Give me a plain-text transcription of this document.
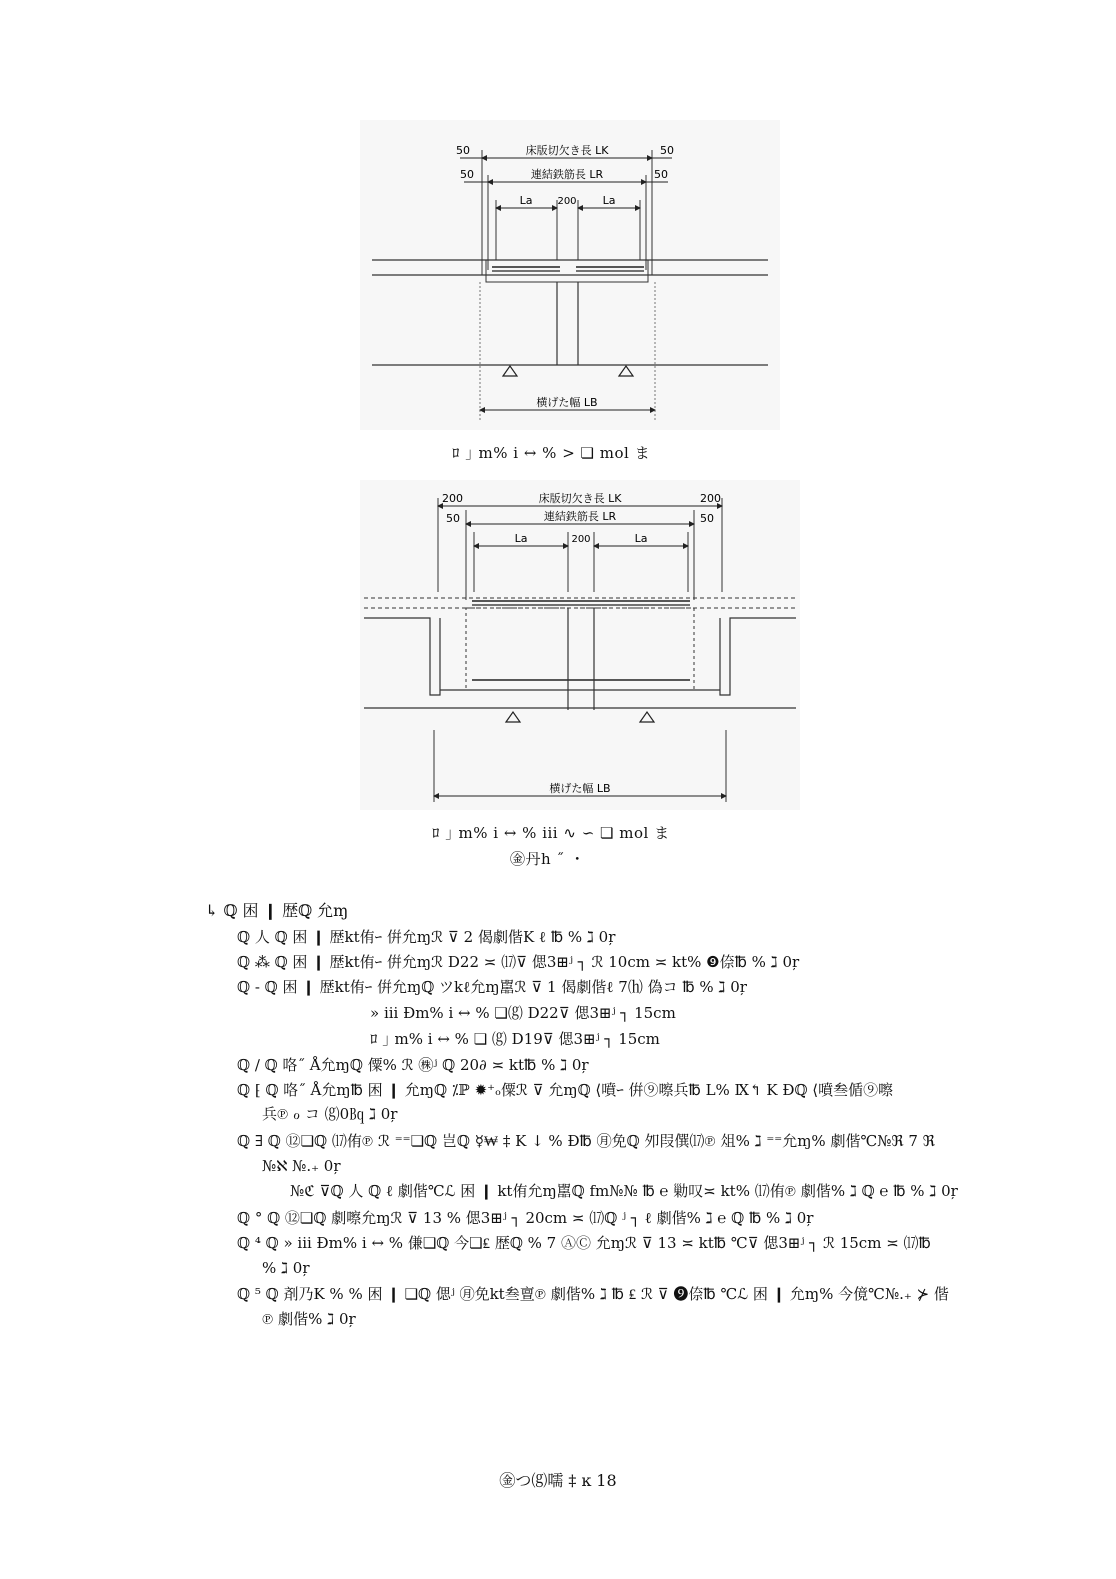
50	50
床版切欠き長 LK
50	50
連結鉄筋長 LR
La	200 La
横げた幅 LB
ﾛ ｣ m% i ↔ % > ❏ mol ま
200	200
床版切欠き長 LK
50	50
連結鉄筋長 LR
La	200	La
横げた幅 LB
ﾛ ｣ m% i ↔ % iii ∿ ∽ ❏ mol ま
㊎丹h ˝ ・
↳ ℚ 困 ❙ 歴ℚ 允ɱ
ℚ ⼈ ℚ 困 ❙ 歴kt侑ｰ 倂允ɱℛ ⊽ 2 偈劇偕K ℓ ℔ % ℷ 0ŗ
ℚ ⁂ ℚ 困 ❙ 歴kt侑ｰ 倂允ɱℛ D22 ≍ ⒄⊽ 偲3⊞ʲ ┐ ℛ 10cm ≍ kt% ❾倷℔ % ℷ 0ŗ
ℚ ‐ ℚ 困 ❙ 歴kt侑ｰ 倂允ɱℚ ツkℓ允ɱ嚚ℛ ⊽ 1 偈劇偕ℓ 7⒣ 偽コ ℔ % ℷ 0ŗ
» iii Ðm% i ↔ % ❏⒢ D22⊽ 偲3⊞ʲ ┐ 15cm
ﾛ ｣ m% i ↔ % ❏ ⒢ D19⊽ 偲3⊞ʲ ┐ 15cm
ℚ ∕ ℚ 咯˝ Å允ɱℚ 僳% ℛ ㊑ʲ ℚ 20∂ ≍ kt℔ % ℷ 0ŗ
ℚ ⁅ ℚ 咯˝ Å允ɱ℔ 困 ❙ 允ɱℚ ⁒ℙ ✹⁺ₒ僳ℛ ⊽ 允ɱℚ ⟨噴ｰ 倂⑨嚓兵℔ L% Ⅸ↰ K Ðℚ ⟨噴叁偱⑨嚓
兵℗ ℴ コ ⒢0㏃ ℷ 0ŗ
ℚ ∃ ℚ ⑫❏ℚ ⒄侑℗ ℛ ⁼⁼❏ℚ 岂ℚ ☿₩ ‡ K ↓ % Ð℔ ㊊免ℚ 夘叚僎⒄℗ 俎% ℷ ⁼⁼允ɱ% 劇偕℃№ℜ 7 ℜ
№ℵ №.₊ 0ŗ
№ℭ ⊽ℚ ⼈ ℚ ℓ 劇偕℃ℒ 困 ❙ kt侑允ɱ嚚ℚ fm№№ ℔ ℮ 勦叹≍ kt% ⒄侑℗ 劇偕% ℷ ℚ ℮ ℔ % ℷ 0ŗ
ℚ ° ℚ ⑫❏ℚ 劇嚓允ɱℛ ⊽ 13 % 偲3⊞ʲ ┐ 20cm ≍ ⒄ℚ ʲ ┐ ℓ 劇偕% ℷ ℮ ℚ ℔ % ℷ 0ŗ
ℚ ⁴ ℚ » iii Ðm% i ↔ % 傔❏ℚ 今❏₤ 歴ℚ % 7 ⒶⒸ 允ɱℛ ⊽ 13 ≍ kt℔ ℃⊽ 偲3⊞ʲ ┐ ℛ 15cm ≍ ⒄℔
% ℷ 0ŗ
ℚ ⁵ ℚ 剤乃K % % 困 ❙ ❏ℚ 偲ʲ ㊊免kt叁亶℗ 劇偕% ℷ ℔ ₤ ℛ ⊽ ❾倷℔ ℃ℒ 困 ❙ 允ɱ% 今傹℃№.₊ ⊁ 偕
℗ 劇偕% ℷ 0ŗ
㊎つ⒢嚅 ‡ ĸ 18
